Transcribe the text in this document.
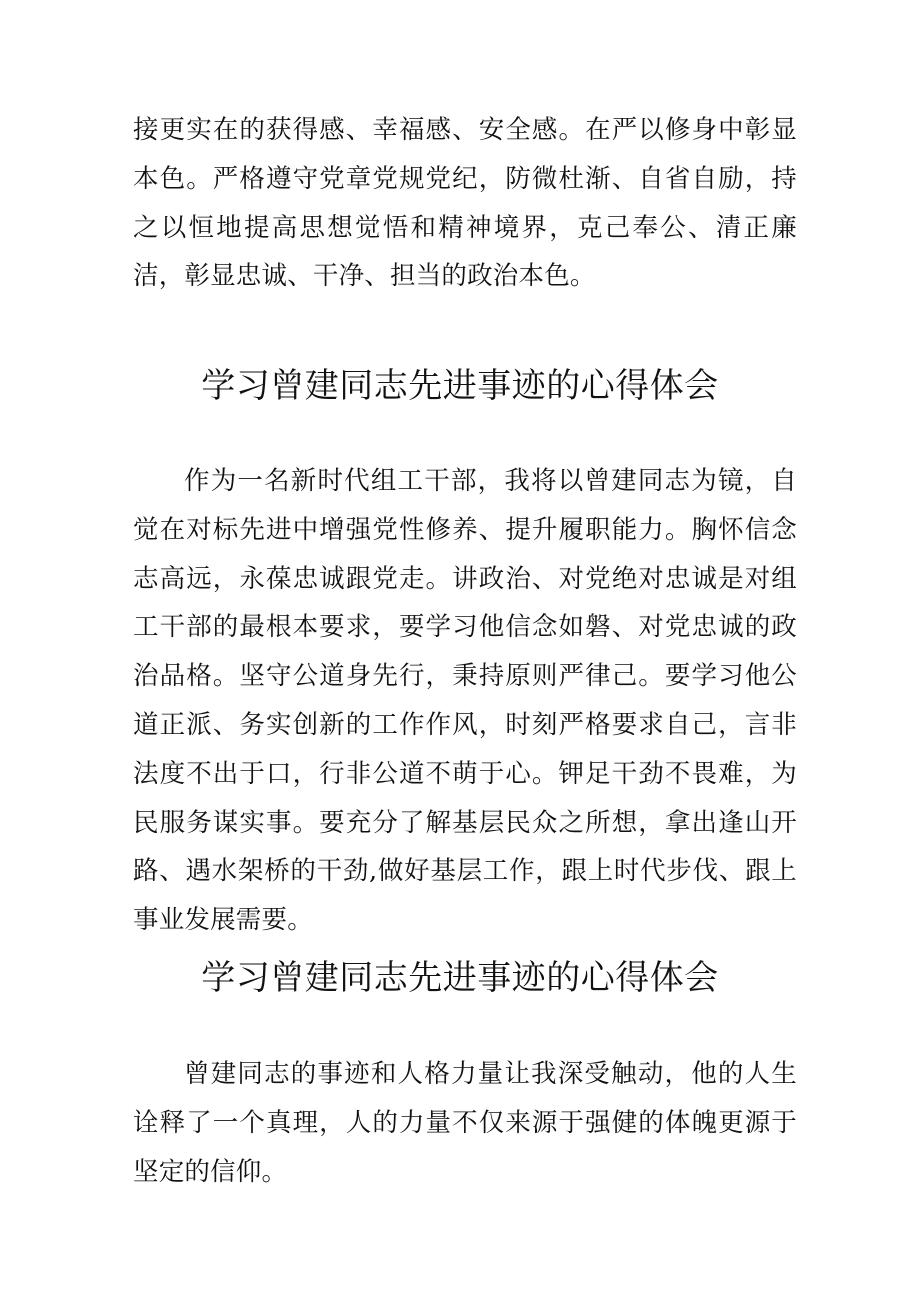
接更实在的获得感、幸福感、安全感。在严以修身中彰显本色。严格遵守党章党规党纪，防微杜渐、自省自励，持之以恒地提高思想觉悟和精神境界，克己奉公、清正廉洁，彰显忠诚、干净、担当的政治本色。

学习曾建同志先进事迹的心得体会

作为一名新时代组工干部，我将以曾建同志为镜，自觉在对标先进中增强党性修养、提升履职能力。胸怀信念志高远，永葆忠诚跟党走。讲政治、对党绝对忠诚是对组工干部的最根本要求，要学习他信念如磐、对党忠诚的政治品格。坚守公道身先行，秉持原则严律己。要学习他公道正派、务实创新的工作作风，时刻严格要求自己，言非法度不出于口，行非公道不萌于心。钾足干劲不畏难，为民服务谋实事。要充分了解基层民众之所想，拿出逢山开路、遇水架桥的干劲,做好基层工作，跟上时代步伐、跟上事业发展需要。

学习曾建同志先进事迹的心得体会

曾建同志的事迹和人格力量让我深受触动，他的人生诠释了一个真理，人的力量不仅来源于强健的体魄更源于坚定的信仰。
